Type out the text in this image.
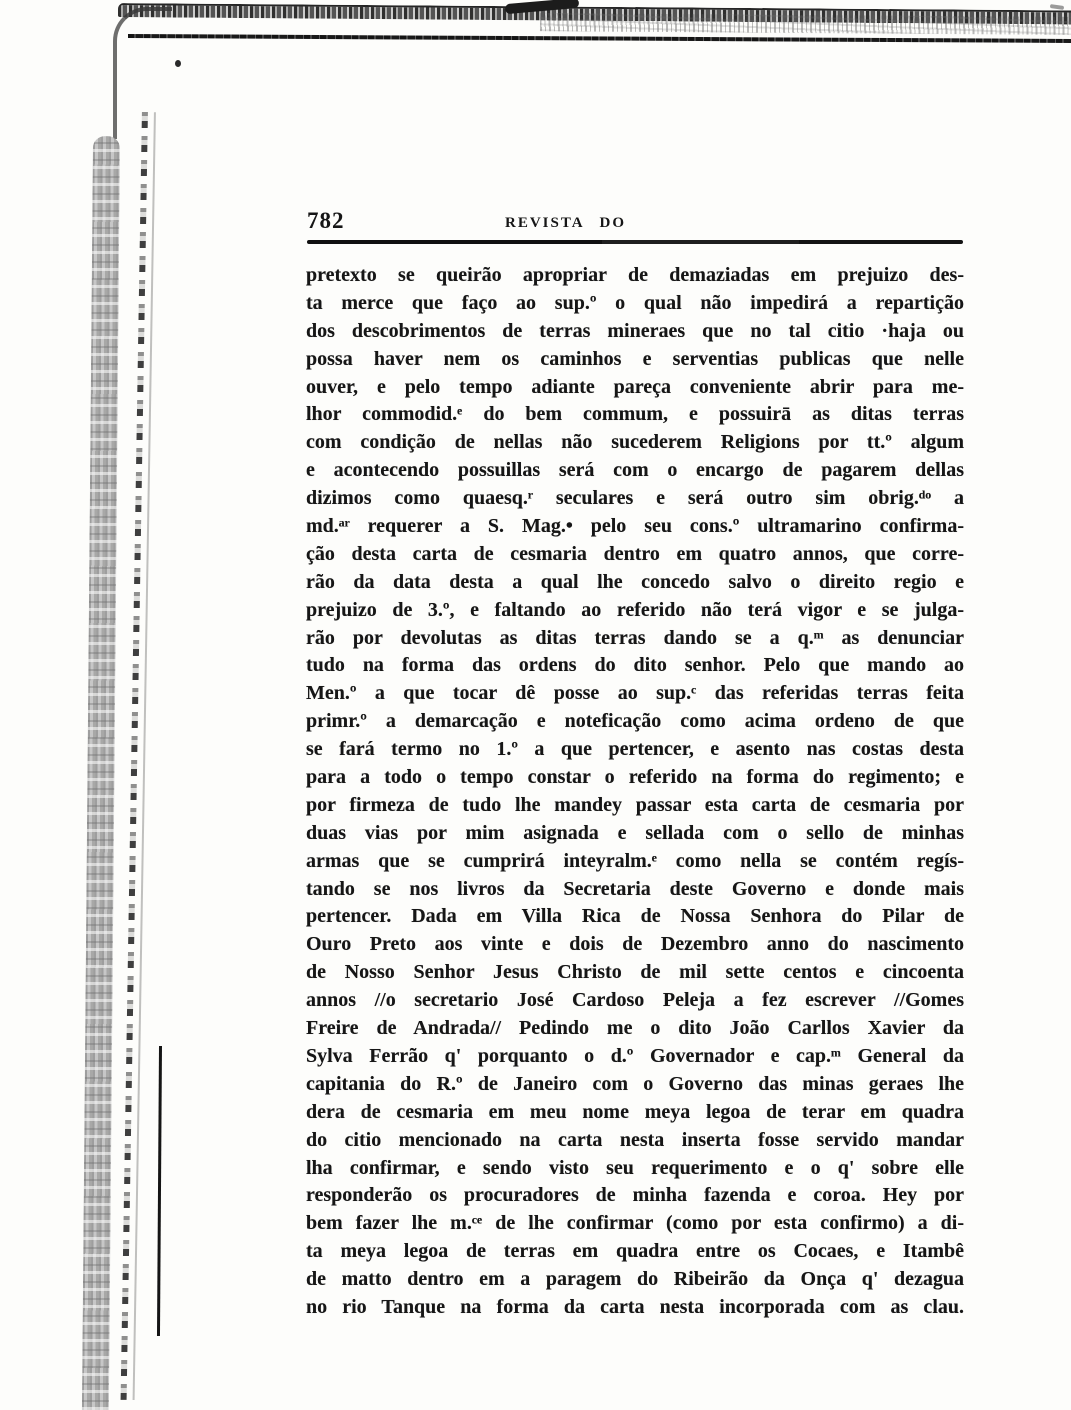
782	REVISTA DO
pretexto se queirão apropriar de demaziadas em prejuizo des-
ta merce que faço ao sup.º o qual não impedirá a repartição
dos descobrimentos de terras mineraes que no tal citio ·haja ou
possa haver nem os caminhos e serventias publicas que nelle
ouver, e pelo tempo adiante pareça conveniente abrir para me-
lhor commodid.ᵉ do bem commum, e possuirā as ditas terras
com condição de nellas não sucederem Religions por tt.º algum
e acontecendo possuillas será com o encargo de pagarem dellas
dizimos como quaesq.ʳ seculares e será outro sim obrig.ᵈᵒ a
md.ᵃʳ requerer a S. Mag.• pelo seu cons.º ultramarino confirma-
ção desta carta de cesmaria dentro em quatro annos, que corre-
rão da data desta a qual lhe concedo salvo o direito regio e
prejuizo de 3.º, e faltando ao referido não terá vigor e se julga-
rão por devolutas as ditas terras dando se a q.ᵐ as denunciar
tudo na forma das ordens do dito senhor. Pelo que mando ao
Men.º a que tocar dê posse ao sup.ᶜ das referidas terras feita
primr.º a demarcação e noteficação como acima ordeno de que
se fará termo no 1.º a que pertencer, e asento nas costas desta
para a todo o tempo constar o referido na forma do regimento; e
por firmeza de tudo lhe mandey passar esta carta de cesmaria por
duas vias por mim asignada e sellada com o sello de minhas
armas que se cumprirá inteyralm.ᵉ como nella se contém regís-
tando se nos livros da Secretaria deste Governo e donde mais
pertencer. Dada em Villa Rica de Nossa Senhora do Pilar de
Ouro Preto aos vinte e dois de Dezembro anno do nascimento
de Nosso Senhor Jesus Christo de mil sette centos e cincoenta
annos //o secretario José Cardoso Peleja a fez escrever //Gomes
Freire de Andrada// Pedindo me o dito João Carllos Xavier da
Sylva Ferrão q' porquanto o d.º Governador e cap.ᵐ General da
capitania do R.º de Janeiro com o Governo das minas geraes lhe
dera de cesmaria em meu nome meya legoa de terar em quadra
do citio mencionado na carta nesta inserta fosse servido mandar
lha confirmar, e sendo visto seu requerimento e o q' sobre elle
responderão os procuradores de minha fazenda e coroa. Hey por
bem fazer lhe m.ᶜᵉ de lhe confirmar (como por esta confirmo) a di-
ta meya legoa de terras em quadra entre os Cocaes, e Itambê
de matto dentro em a paragem do Ribeirão da Onça q' dezagua
no rio Tanque na forma da carta nesta incorporada com as clau.
